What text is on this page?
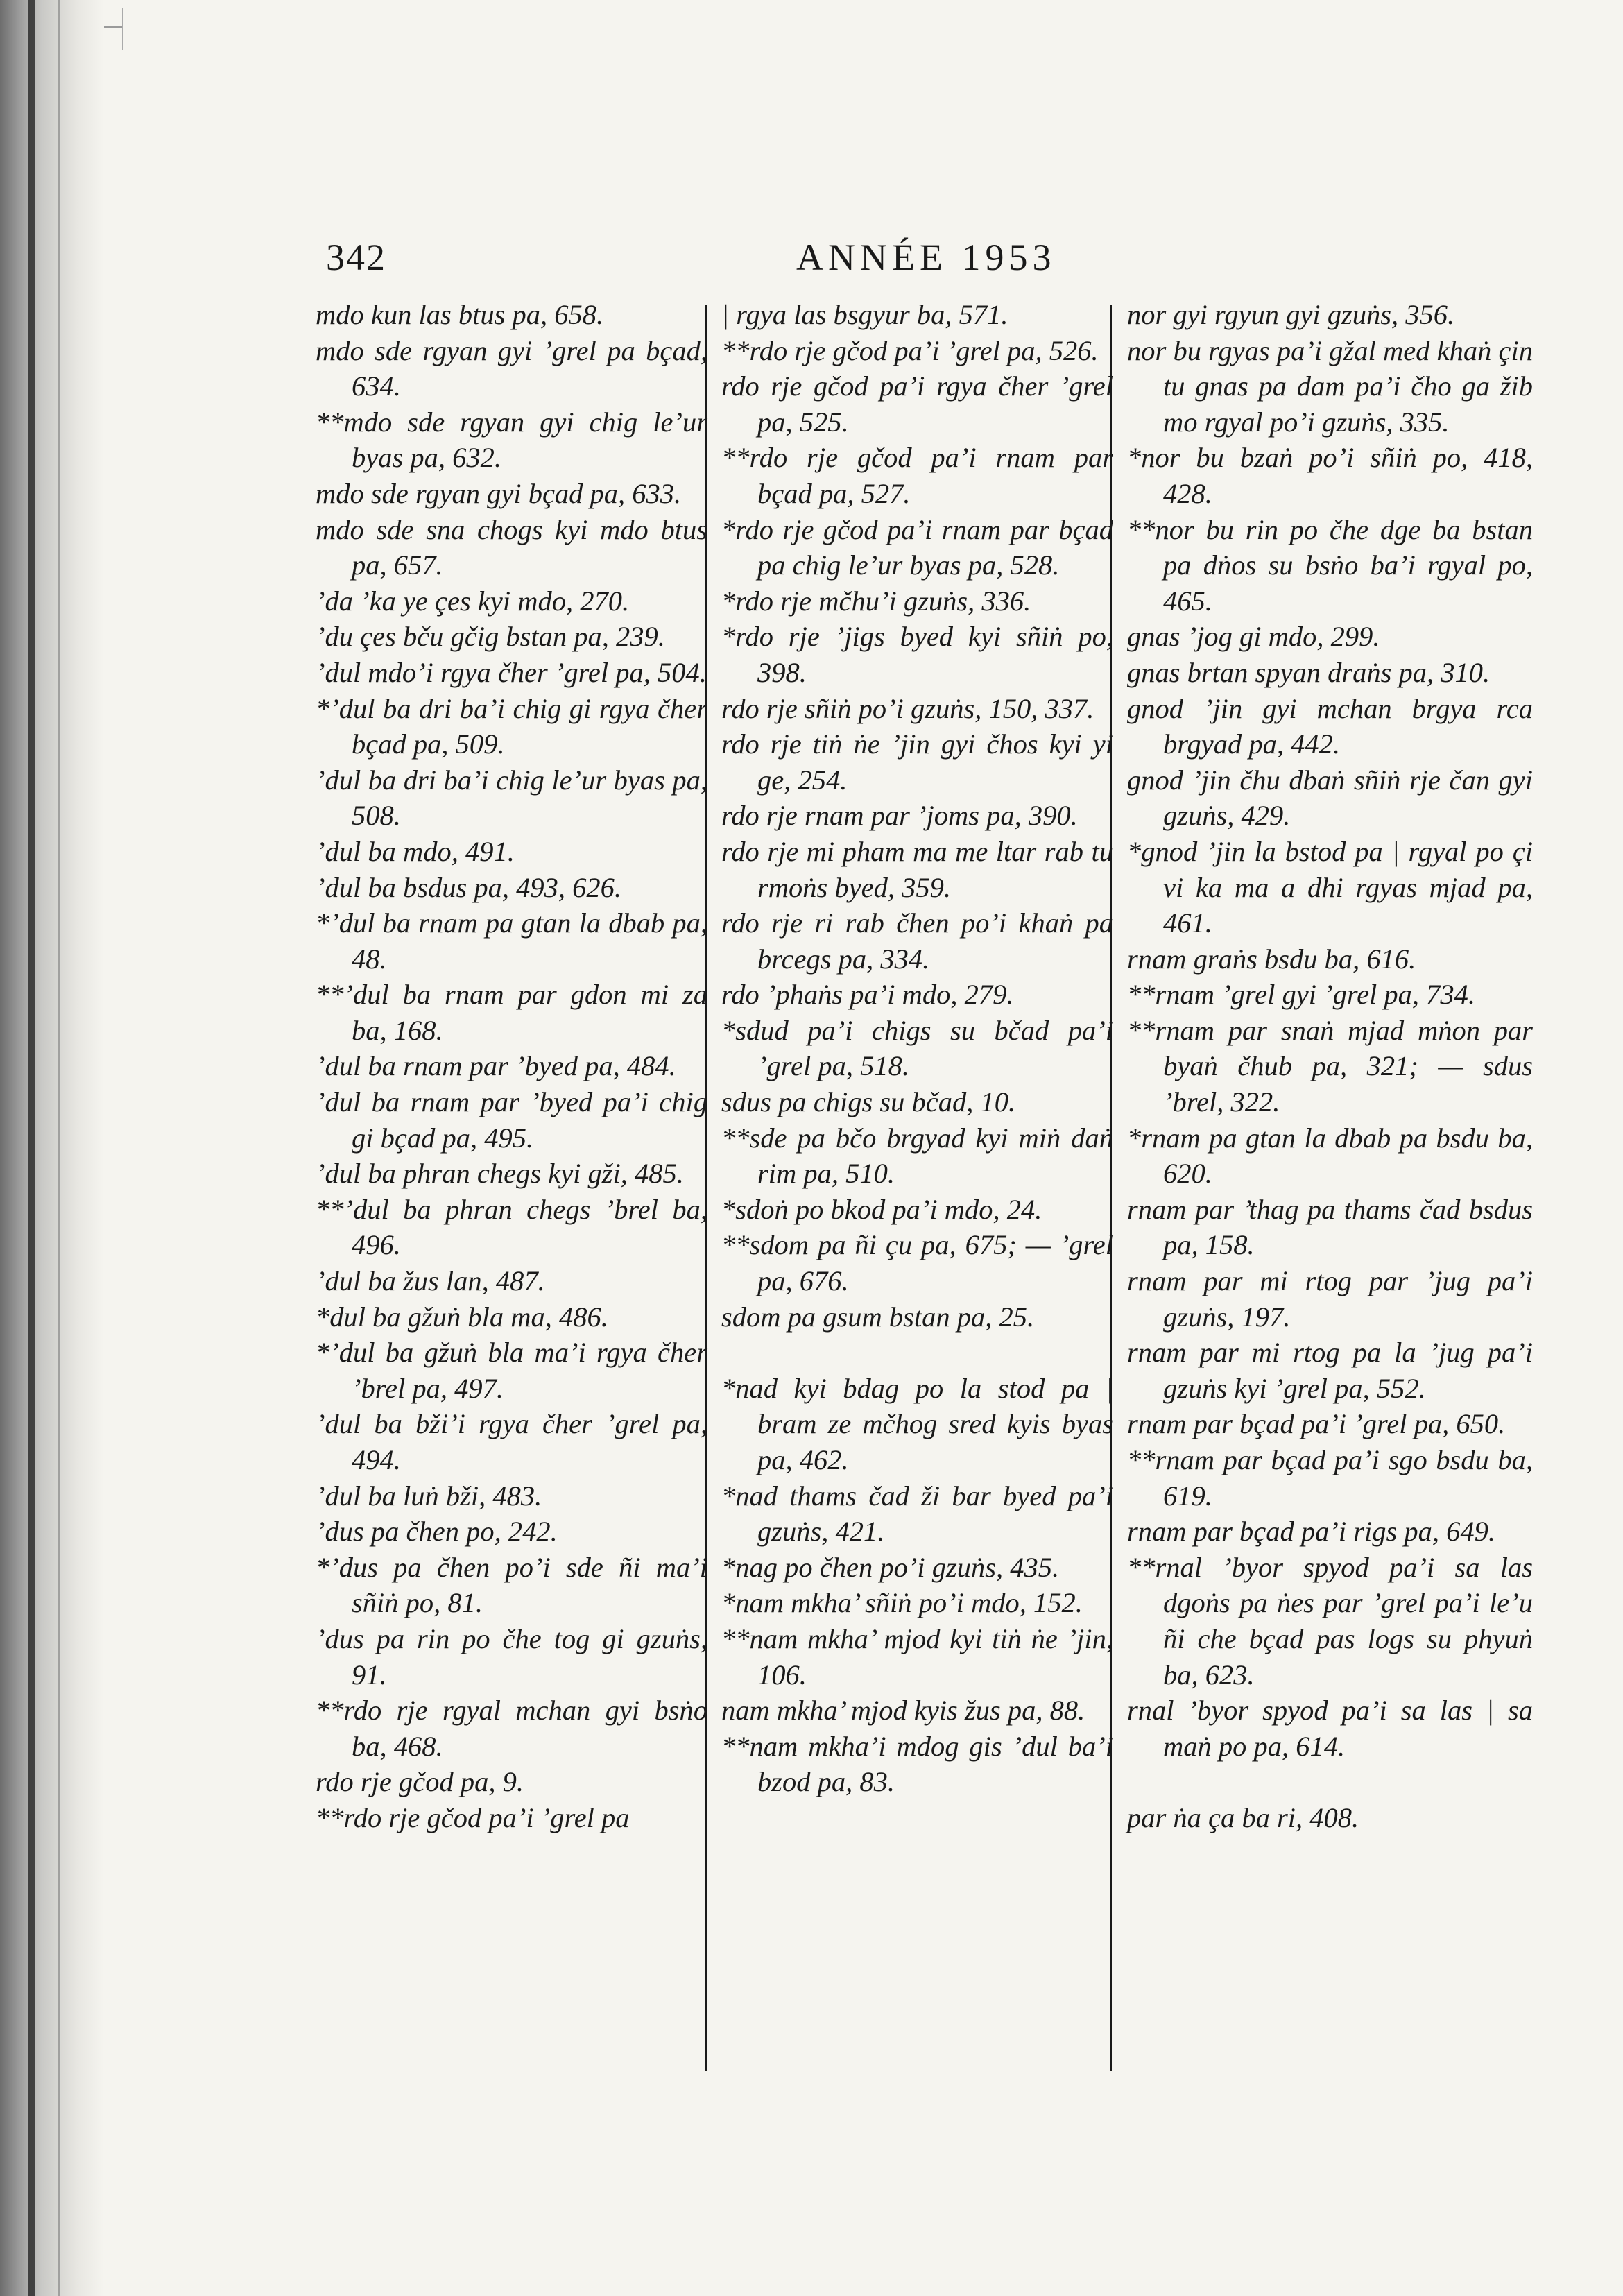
342	ANNÉE 1953

mdo kun las btus pa, 658.

mdo sde rgyan gyi ’grel pa bçad, 634.

**mdo sde rgyan gyi chig le’ur byas pa, 632.

mdo sde rgyan gyi bçad pa, 633.

mdo sde sna chogs kyi mdo btus pa, 657.

’da ’ka ye çes kyi mdo, 270.

’du çes bču gčig bstan pa, 239.

’dul mdo’i rgya čher ’grel pa, 504.

*’dul ba dri ba’i chig gi rgya čher bçad pa, 509.

’dul ba dri ba’i chig le’ur byas pa, 508.

’dul ba mdo, 491.

’dul ba bsdus pa, 493, 626.

*’dul ba rnam pa gtan la dbab pa, 48.

**’dul ba rnam par gdon mi za ba, 168.

’dul ba rnam par ’byed pa, 484.

’dul ba rnam par ’byed pa’i chig gi bçad pa, 495.

’dul ba phran chegs kyi gži, 485.

**’dul ba phran chegs ’brel ba, 496.

’dul ba žus lan, 487.

*dul ba gžuṅ bla ma, 486.

*’dul ba gžuṅ bla ma’i rgya čher ’brel pa, 497.

’dul ba bži’i rgya čher ’grel pa, 494.

’dul ba luṅ bži, 483.

’dus pa čhen po, 242.

*’dus pa čhen po’i sde ñi ma’i sñiṅ po, 81.

’dus pa rin po čhe tog gi gzuṅs, 91.

**rdo rje rgyal mchan gyi bsṅo ba, 468.

rdo rje gčod pa, 9.

**rdo rje gčod pa’i ’grel pa

| rgya las bsgyur ba, 571.

**rdo rje gčod pa’i ’grel pa, 526.

rdo rje gčod pa’i rgya čher ’grel pa, 525.

**rdo rje gčod pa’i rnam par bçad pa, 527.

*rdo rje gčod pa’i rnam par bçad pa chig le’ur byas pa, 528.

*rdo rje mčhu’i gzuṅs, 336.

*rdo rje ’jigs byed kyi sñiṅ po, 398.

rdo rje sñiṅ po’i gzuṅs, 150, 337.

rdo rje tiṅ ṅe ’jin gyi čhos kyi yi ge, 254.

rdo rje rnam par ’joms pa, 390.

rdo rje mi pham ma me ltar rab tu rmoṅs byed, 359.

rdo rje ri rab čhen po’i khaṅ pa brcegs pa, 334.

rdo ’phaṅs pa’i mdo, 279.

*sdud pa’i chigs su bčad pa’i ’grel pa, 518.

sdus pa chigs su bčad, 10.

**sde pa bčo brgyad kyi miṅ daṅ rim pa, 510.

*sdoṅ po bkod pa’i mdo, 24.

**sdom pa ñi çu pa, 675; — ’grel pa, 676.

sdom pa gsum bstan pa, 25.

*nad kyi bdag po la stod pa | bram ze mčhog sred kyis byas pa, 462.

*nad thams čad ži bar byed pa’i gzuṅs, 421.

*nag po čhen po’i gzuṅs, 435.

*nam mkha’ sñiṅ po’i mdo, 152.

**nam mkha’ mjod kyi tiṅ ṅe ’jin, 106.

nam mkha’ mjod kyis žus pa, 88.

**nam mkha’i mdog gis ’dul ba’i bzod pa, 83.

nor gyi rgyun gyi gzuṅs, 356.

nor bu rgyas pa’i gžal med khaṅ çin tu gnas pa dam pa’i čho ga žib mo rgyal po’i gzuṅs, 335.

*nor bu bzaṅ po’i sñiṅ po, 418, 428.

**nor bu rin po čhe dge ba bstan pa dṅos su bsṅo ba’i rgyal po, 465.

gnas ’jog gi mdo, 299.

gnas brtan spyan draṅs pa, 310.

gnod ’jin gyi mchan brgya rca brgyad pa, 442.

gnod ’jin čhu dbaṅ sñiṅ rje čan gyi gzuṅs, 429.

*gnod ’jin la bstod pa | rgyal po çi vi ka ma a dhi rgyas mjad pa, 461.

rnam graṅs bsdu ba, 616.

**rnam ’grel gyi ’grel pa, 734.

**rnam par snaṅ mjad mṅon par byaṅ čhub pa, 321; — sdus ’brel, 322.

*rnam pa gtan la dbab pa bsdu ba, 620.

rnam par ’thag pa thams čad bsdus pa, 158.

rnam par mi rtog par ’jug pa’i gzuṅs, 197.

rnam par mi rtog pa la ’jug pa’i gzuṅs kyi ’grel pa, 552.

rnam par bçad pa’i ’grel pa, 650.

**rnam par bçad pa’i sgo bsdu ba, 619.

rnam par bçad pa’i rigs pa, 649.

**rnal ’byor spyod pa’i sa las dgoṅs pa ṅes par ’grel pa’i le’u ñi che bçad pas logs su phyuṅ ba, 623.

rnal ’byor spyod pa’i sa las | sa maṅ po pa, 614.

par ṅa ça ba ri, 408.
